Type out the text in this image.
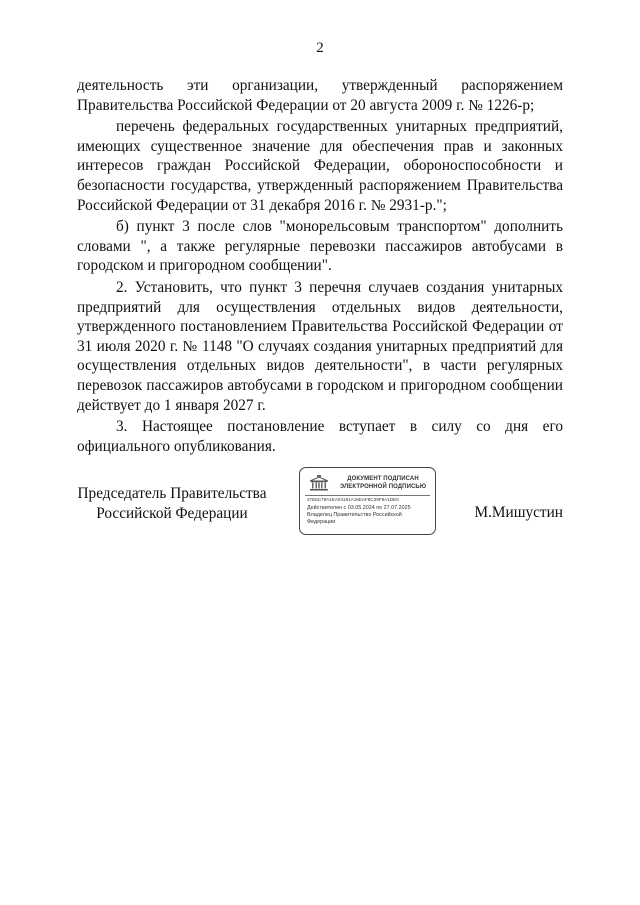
2

деятельность эти организации, утвержденный распоряжением Правительства Российской Федерации от 20 августа 2009 г. № 1226-р;

перечень федеральных государственных унитарных предприятий, имеющих существенное значение для обеспечения прав и законных интересов граждан Российской Федерации, обороноспособности и безопасности государства, утвержденный распоряжением Правительства Российской Федерации от 31 декабря 2016 г. № 2931-р.";

б) пункт 3 после слов "монорельсовым транспортом" дополнить словами ", а также регулярные перевозки пассажиров автобусами в городском и пригородном сообщении".

2. Установить, что пункт 3 перечня случаев создания унитарных предприятий для осуществления отдельных видов деятельности, утвержденного постановлением Правительства Российской Федерации от 31 июля 2020 г. № 1148 "О случаях создания унитарных предприятий для осуществления отдельных видов деятельности", в части регулярных перевозок пассажиров автобусами в городском и пригородном сообщении действует до 1 января 2027 г.

3. Настоящее постановление вступает в силу со дня его официального опубликования.

Председатель Правительства
Российской Федерации
ДОКУМЕНТ ПОДПИСАН
ЭЛЕКТРОННОЙ ПОДПИСЬЮ
27E6C79A1EA04181A16EAF8C39F9A1DE0
Действителен с 03.05.2024 по 27.07.2025
Владелец Правительство Российской Федерации
М.Мишустин
